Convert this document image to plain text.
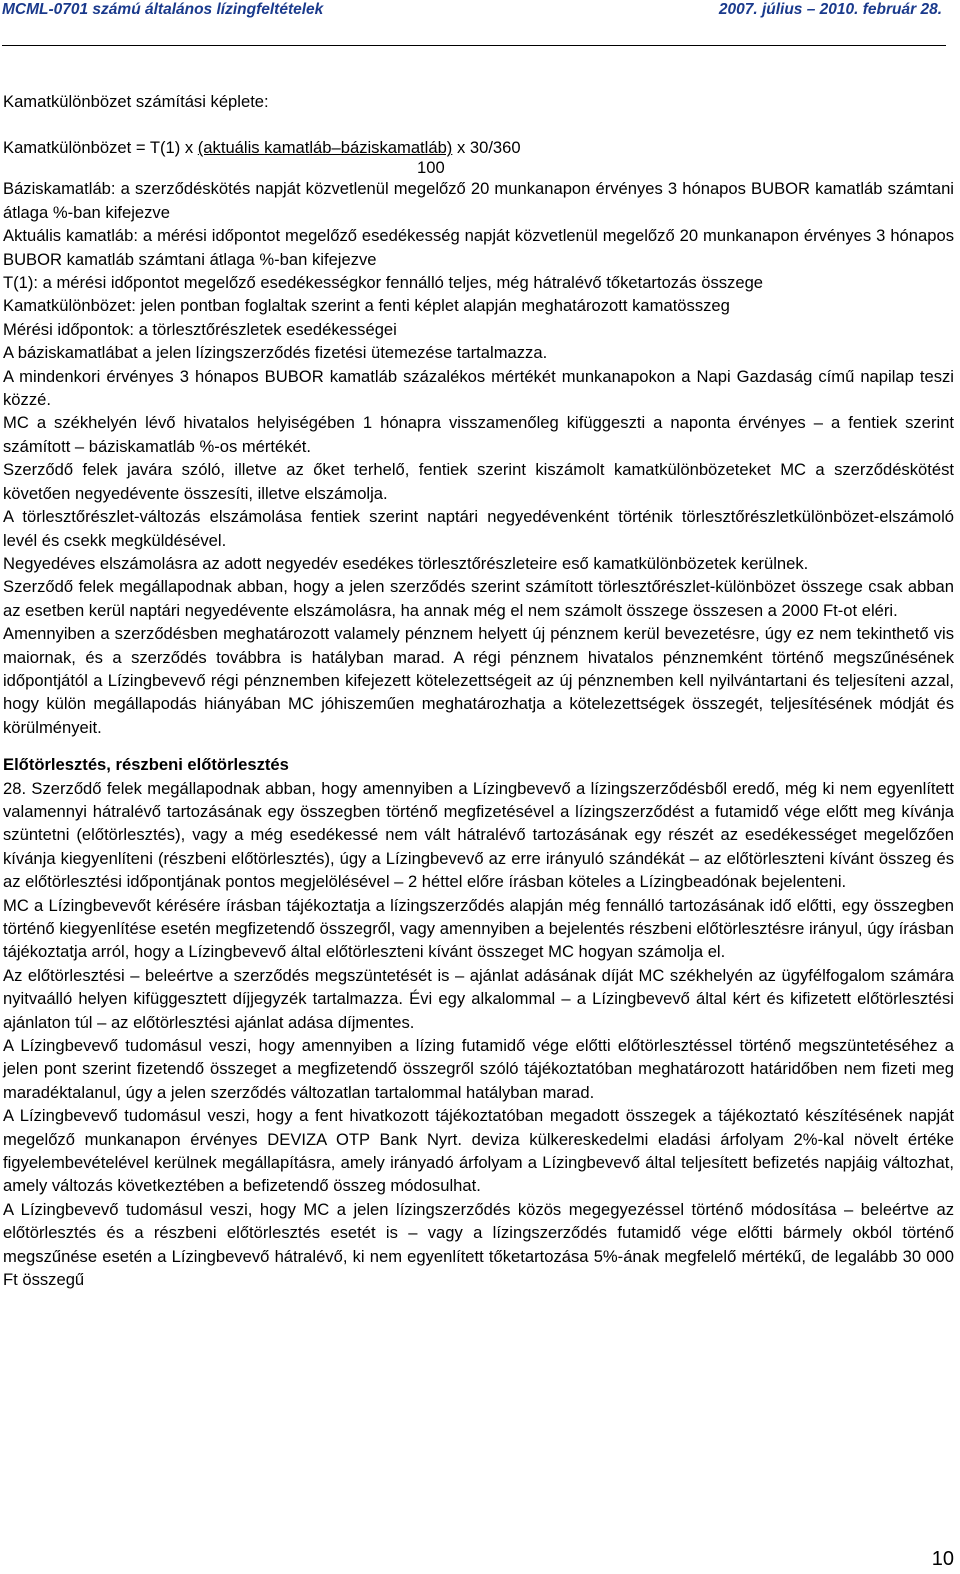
MCML-0701 számú általános lízingfeltételek	2007. július – 2010. február 28.

Kamatkülönbözet számítási képlete:

Kamatkülönbözet = T(1) x (aktuális kamatláb–báziskamatláb) x 30/360

100

Báziskamatláb: a szerződéskötés napját közvetlenül megelőző 20 munkanapon érvényes 3 hónapos BUBOR kamatláb számtani átlaga %-ban kifejezve

Aktuális kamatláb: a mérési időpontot megelőző esedékesség napját közvetlenül megelőző 20 munkanapon érvényes 3 hónapos BUBOR kamatláb számtani átlaga %-ban kifejezve

T(1): a mérési időpontot megelőző esedékességkor fennálló teljes, még hátralévő tőketartozás összege

Kamatkülönbözet: jelen pontban foglaltak szerint a fenti képlet alapján meghatározott kamatösszeg

Mérési időpontok: a törlesztőrészletek esedékességei

A báziskamatlábat a jelen lízingszerződés fizetési ütemezése tartalmazza.

A mindenkori érvényes 3 hónapos BUBOR kamatláb százalékos mértékét munkanapokon a Napi Gazdaság című napilap teszi közzé.

MC a székhelyén lévő hivatalos helyiségében 1 hónapra visszamenőleg kifüggeszti a naponta érvényes – a fentiek szerint számított – báziskamatláb %-os mértékét.

Szerződő felek javára szóló, illetve az őket terhelő, fentiek szerint kiszámolt kamatkülönbözeteket MC a szerződéskötést követően negyedévente összesíti, illetve elszámolja.

A törlesztőrészlet-változás elszámolása fentiek szerint naptári negyedévenként történik törlesztőrészletkülönbözet-elszámoló levél és csekk megküldésével.

Negyedéves elszámolásra az adott negyedév esedékes törlesztőrészleteire eső kamatkülönbözetek kerülnek.

Szerződő felek megállapodnak abban, hogy a jelen szerződés szerint számított törlesztőrészlet-különbözet összege csak abban az esetben kerül naptári negyedévente elszámolásra, ha annak még el nem számolt összege összesen a 2000 Ft-ot eléri.

Amennyiben a szerződésben meghatározott valamely pénznem helyett új pénznem kerül bevezetésre, úgy ez nem tekinthető vis maiornak, és a szerződés továbbra is hatályban marad. A régi pénznem hivatalos pénznemként történő megszűnésének időpontjától a Lízingbevevő régi pénznemben kifejezett kötelezettségeit az új pénznemben kell nyilvántartani és teljesíteni azzal, hogy külön megállapodás hiányában MC jóhiszeműen meghatározhatja a kötelezettségek összegét, teljesítésének módját és körülményeit.

Előtörlesztés, részbeni előtörlesztés

28. Szerződő felek megállapodnak abban, hogy amennyiben a Lízingbevevő a lízingszerződésből eredő, még ki nem egyenlített valamennyi hátralévő tartozásának egy összegben történő megfizetésével a lízingszerződést a futamidő vége előtt meg kívánja szüntetni (előtörlesztés), vagy a még esedékessé nem vált hátralévő tartozásának egy részét az esedékességet megelőzően kívánja kiegyenlíteni (részbeni előtörlesztés), úgy a Lízingbevevő az erre irányuló szándékát – az előtörleszteni kívánt összeg és az előtörlesztési időpontjának pontos megjelölésével – 2 héttel előre írásban köteles a Lízingbeadónak bejelenteni.

MC a Lízingbevevőt kérésére írásban tájékoztatja a lízingszerződés alapján még fennálló tartozásának idő előtti, egy összegben történő kiegyenlítése esetén megfizetendő összegről, vagy amennyiben a bejelentés részbeni előtörlesztésre irányul, úgy írásban tájékoztatja arról, hogy a Lízingbevevő által előtörleszteni kívánt összeget MC hogyan számolja el.

Az előtörlesztési – beleértve a szerződés megszüntetését is – ajánlat adásának díját MC székhelyén az ügyfélfogalom számára nyitvaálló helyen kifüggesztett díjjegyzék tartalmazza. Évi egy alkalommal – a Lízingbevevő által kért és kifizetett előtörlesztési ajánlaton túl – az előtörlesztési ajánlat adása díjmentes.

A Lízingbevevő tudomásul veszi, hogy amennyiben a lízing futamidő vége előtti előtörlesztéssel történő megszüntetéséhez a jelen pont szerint fizetendő összeget a megfizetendő összegről szóló tájékoztatóban meghatározott határidőben nem fizeti meg maradéktalanul, úgy a jelen szerződés változatlan tartalommal hatályban marad.

A Lízingbevevő tudomásul veszi, hogy a fent hivatkozott tájékoztatóban megadott összegek a tájékoztató készítésének napját megelőző munkanapon érvényes DEVIZA OTP Bank Nyrt. deviza külkereskedelmi eladási árfolyam 2%-kal növelt értéke figyelembevételével kerülnek megállapításra, amely irányadó árfolyam a Lízingbevevő által teljesített befizetés napjáig változhat, amely változás következtében a befizetendő összeg módosulhat.

A Lízingbevevő tudomásul veszi, hogy MC a jelen lízingszerződés közös megegyezéssel történő módosítása – beleértve az előtörlesztés és a részbeni előtörlesztés esetét is – vagy a lízingszerződés futamidő vége előtti bármely okból történő megszűnése esetén a Lízingbevevő hátralévő, ki nem egyenlített tőketartozása 5%-ának megfelelő mértékű, de legalább 30 000 Ft összegű

10
